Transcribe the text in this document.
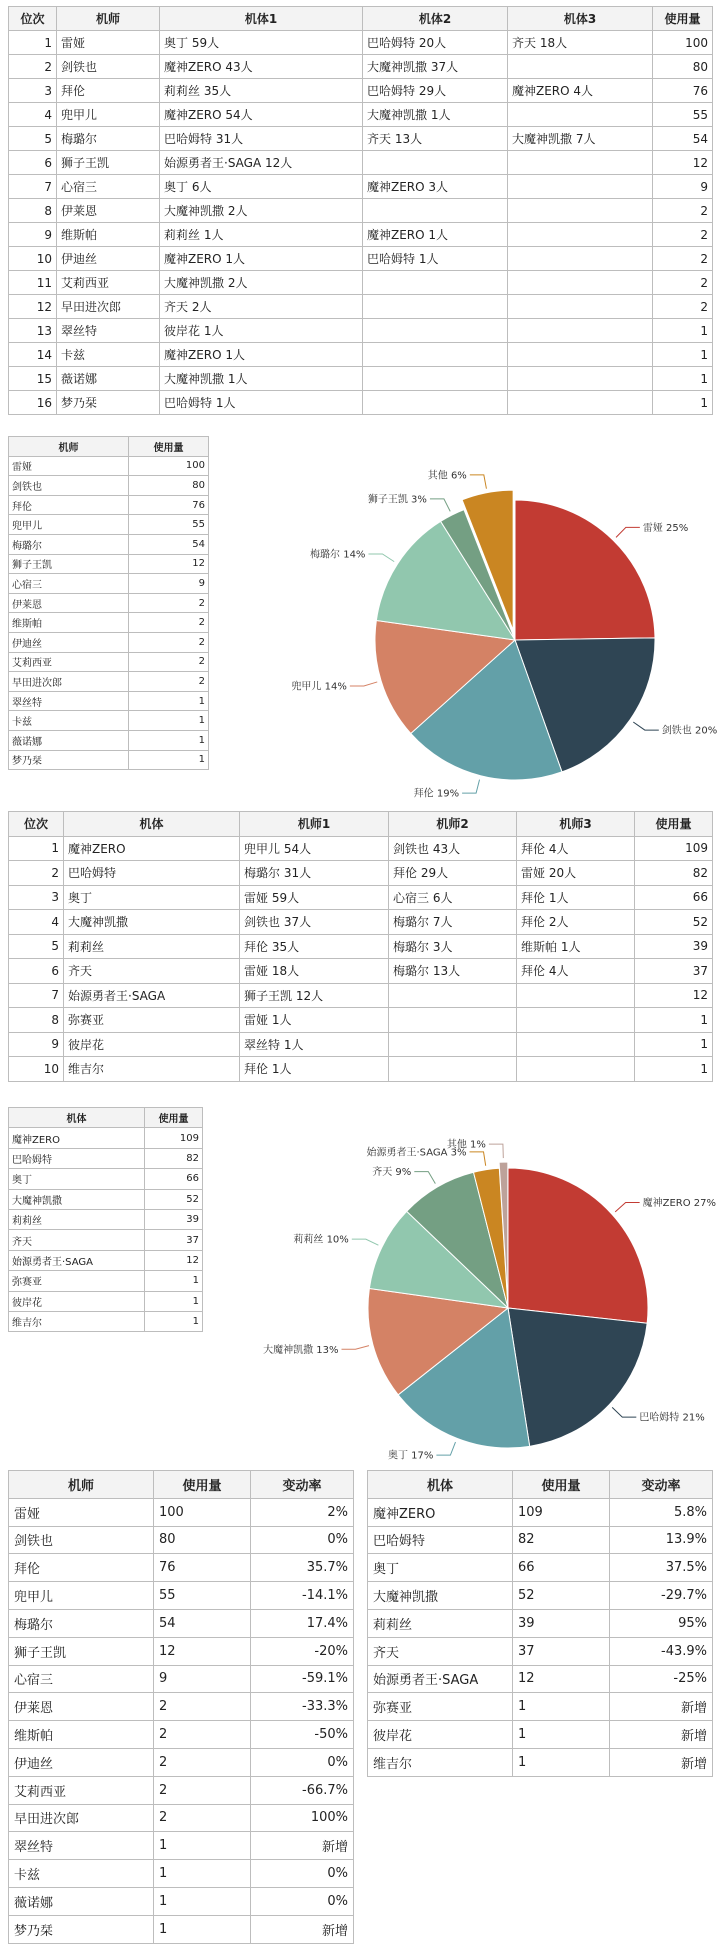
位次	机师	机体1	机体2	机体3	使用量
1	雷娅	奥丁 59人	巴哈姆特 20人	齐天 18人	100
2	剑铁也	魔神ZERO 43人	大魔神凯撒 37人		80
3	拜伦	莉莉丝 35人	巴哈姆特 29人	魔神ZERO 4人	76
4	兜甲儿	魔神ZERO 54人	大魔神凯撒 1人		55
5	梅璐尔	巴哈姆特 31人	齐天 13人	大魔神凯撒 7人	54
6	狮子王凯	始源勇者王·SAGA 12人			12
7	心宿三	奥丁 6人	魔神ZERO 3人		9
8	伊莱恩	大魔神凯撒 2人			2
9	维斯帕	莉莉丝 1人	魔神ZERO 1人		2
10	伊迪丝	魔神ZERO 1人	巴哈姆特 1人		2
11	艾莉西亚	大魔神凯撒 2人			2
12	早田进次郎	齐天 2人			2
13	翠丝特	彼岸花 1人			1
14	卡兹	魔神ZERO 1人			1
15	薇诺娜	大魔神凯撒 1人			1
16	梦乃栞	巴哈姆特 1人			1
机师	使用量
雷娅	100
剑铁也	80
拜伦	76
兜甲儿	55
梅璐尔	54
狮子王凯	12
心宿三	9
伊莱恩	2
维斯帕	2
伊迪丝	2
艾莉西亚	2
早田进次郎	2
翠丝特	1
卡兹	1
薇诺娜	1
梦乃栞	1
雷娅 25%
剑铁也 20%
拜伦 19%
兜甲儿 14%
梅璐尔 14%
狮子王凯 3%
其他 6%
位次	机体	机师1	机师2	机师3	使用量
1	魔神ZERO	兜甲儿 54人	剑铁也 43人	拜伦 4人	109
2	巴哈姆特	梅璐尔 31人	拜伦 29人	雷娅 20人	82
3	奥丁	雷娅 59人	心宿三 6人	拜伦 1人	66
4	大魔神凯撒	剑铁也 37人	梅璐尔 7人	拜伦 2人	52
5	莉莉丝	拜伦 35人	梅璐尔 3人	维斯帕 1人	39
6	齐天	雷娅 18人	梅璐尔 13人	拜伦 4人	37
7	始源勇者王·SAGA	狮子王凯 12人			12
8	弥赛亚	雷娅 1人			1
9	彼岸花	翠丝特 1人			1
10	维吉尔	拜伦 1人			1
机体	使用量
魔神ZERO	109
巴哈姆特	82
奥丁	66
大魔神凯撒	52
莉莉丝	39
齐天	37
始源勇者王·SAGA	12
弥赛亚	1
彼岸花	1
维吉尔	1
魔神ZERO 27%
巴哈姆特 21%
奥丁 17%
大魔神凯撒 13%
莉莉丝 10%
齐天 9%
始源勇者王·SAGA 3%
其他 1%
机师	使用量	变动率
雷娅	100	2%
剑铁也	80	0%
拜伦	76	35.7%
兜甲儿	55	-14.1%
梅璐尔	54	17.4%
狮子王凯	12	-20%
心宿三	9	-59.1%
伊莱恩	2	-33.3%
维斯帕	2	-50%
伊迪丝	2	0%
艾莉西亚	2	-66.7%
早田进次郎	2	100%
翠丝特	1	新增
卡兹	1	0%
薇诺娜	1	0%
梦乃栞	1	新增
机体	使用量	变动率
魔神ZERO	109	5.8%
巴哈姆特	82	13.9%
奥丁	66	37.5%
大魔神凯撒	52	-29.7%
莉莉丝	39	95%
齐天	37	-43.9%
始源勇者王·SAGA	12	-25%
弥赛亚	1	新增
彼岸花	1	新增
维吉尔	1	新增
